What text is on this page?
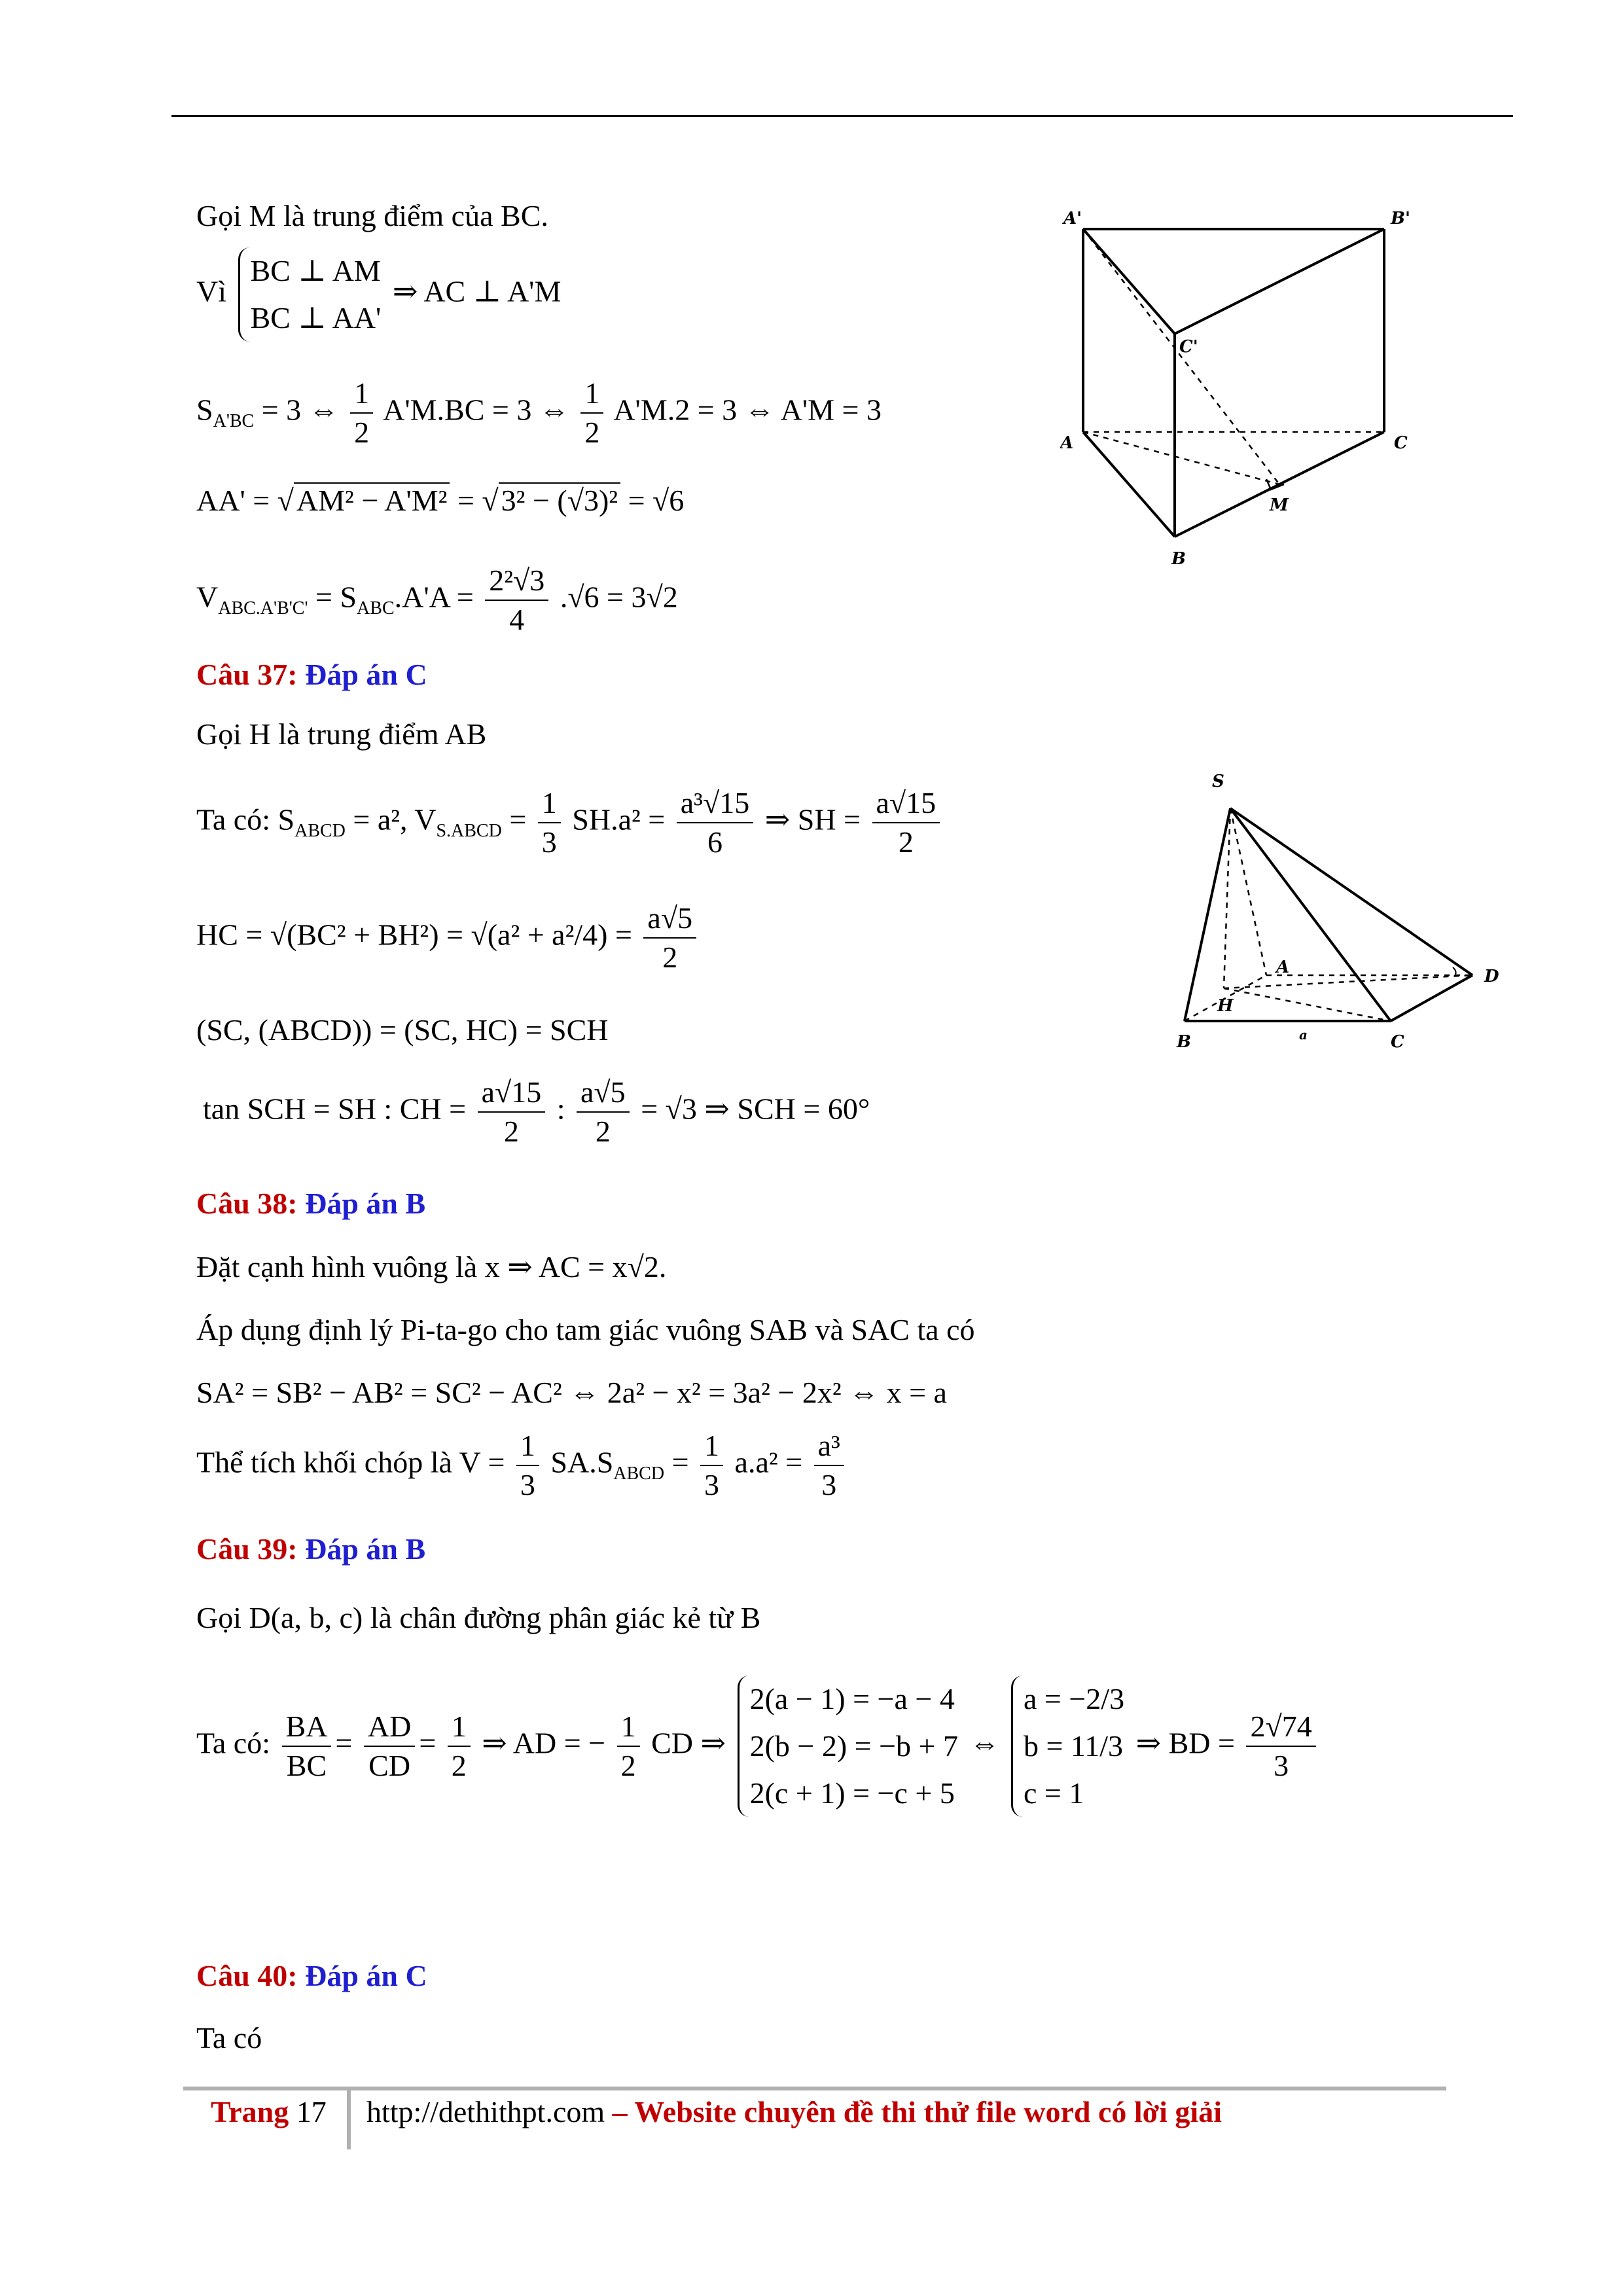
Gọi M là trung điểm của BC.
Vì
BC ⊥ AM
BC ⊥ AA'
⇒ AC ⊥ A'M
$S_{A'BC} = 3$ ⇔ $\frac{1}{2} A'M.BC = 3$ ⇔ $\frac{1}{2} A'M.2 = 3$ ⇔ A'M = 3
AA' = √AM² − A'M² = √3² − (√3)² = √6
$V_{ABC.A'B'C'} = S_{ABC}.A'A = \frac{\text{2²√3}}{4} .√6 = 3√2$
A'	B'
C'
A
B
C
M
Câu 37: Đáp án C
Gọi H là trung điểm AB
Ta có: $S_{ABCD} = a^2$, $V_{S.ABCD} = \frac{1}{3} SH.a^2 = \frac{\text{a³√15}}{6}$ ⇒ SH = $\frac{a√15}{2}$
HC = $√(BC^2 + BH^2) = √(a^2 + a^2/4) = \frac{a√5}{2}$
(SC, (ABCD)) = (SC, HC) = SCH
tan SCH = SH : CH = $\frac{a√15}{2}$ : $\frac{a√5}{2} = √3$ ⇒ SCH = 60°
S
A
H
B	C
D
a
Câu 38: Đáp án B
Đặt cạnh hình vuông là x ⇒ AC = x√2.
Áp dụng định lý Pi-ta-go cho tam giác vuông SAB và SAC ta có
SA² = SB² − AB² = SC² − AC² ⇔ 2a² − x² = 3a² − 2x² ⇔ x = a
Thể tích khối chóp là $V = \frac{1}{3} SA.S_{ABCD} = \frac{1}{3} a.a^2 = \frac{\text{a³}}{3}$
Câu 39: Đáp án B
Gọi D(a, b, c) là chân đường phân giác kẻ từ B
Ta có: $\frac{BA}{BC} = \frac{AD}{CD} = \frac{1}{2}$ ⇒ AD = − $\frac{1}{2}$ CD ⇒
2(a − 1) = −a − 4
2(b − 2) = −b + 7
2(c + 1) = −c + 5
⇔
a = −2/3
b = 11/3
c = 1
⇒ BD = $\frac{2√74}{3}$
Câu 40: Đáp án C
Ta có
Trang 17 http://dethithpt.com – Website chuyên đề thi thử file word có lời giải
